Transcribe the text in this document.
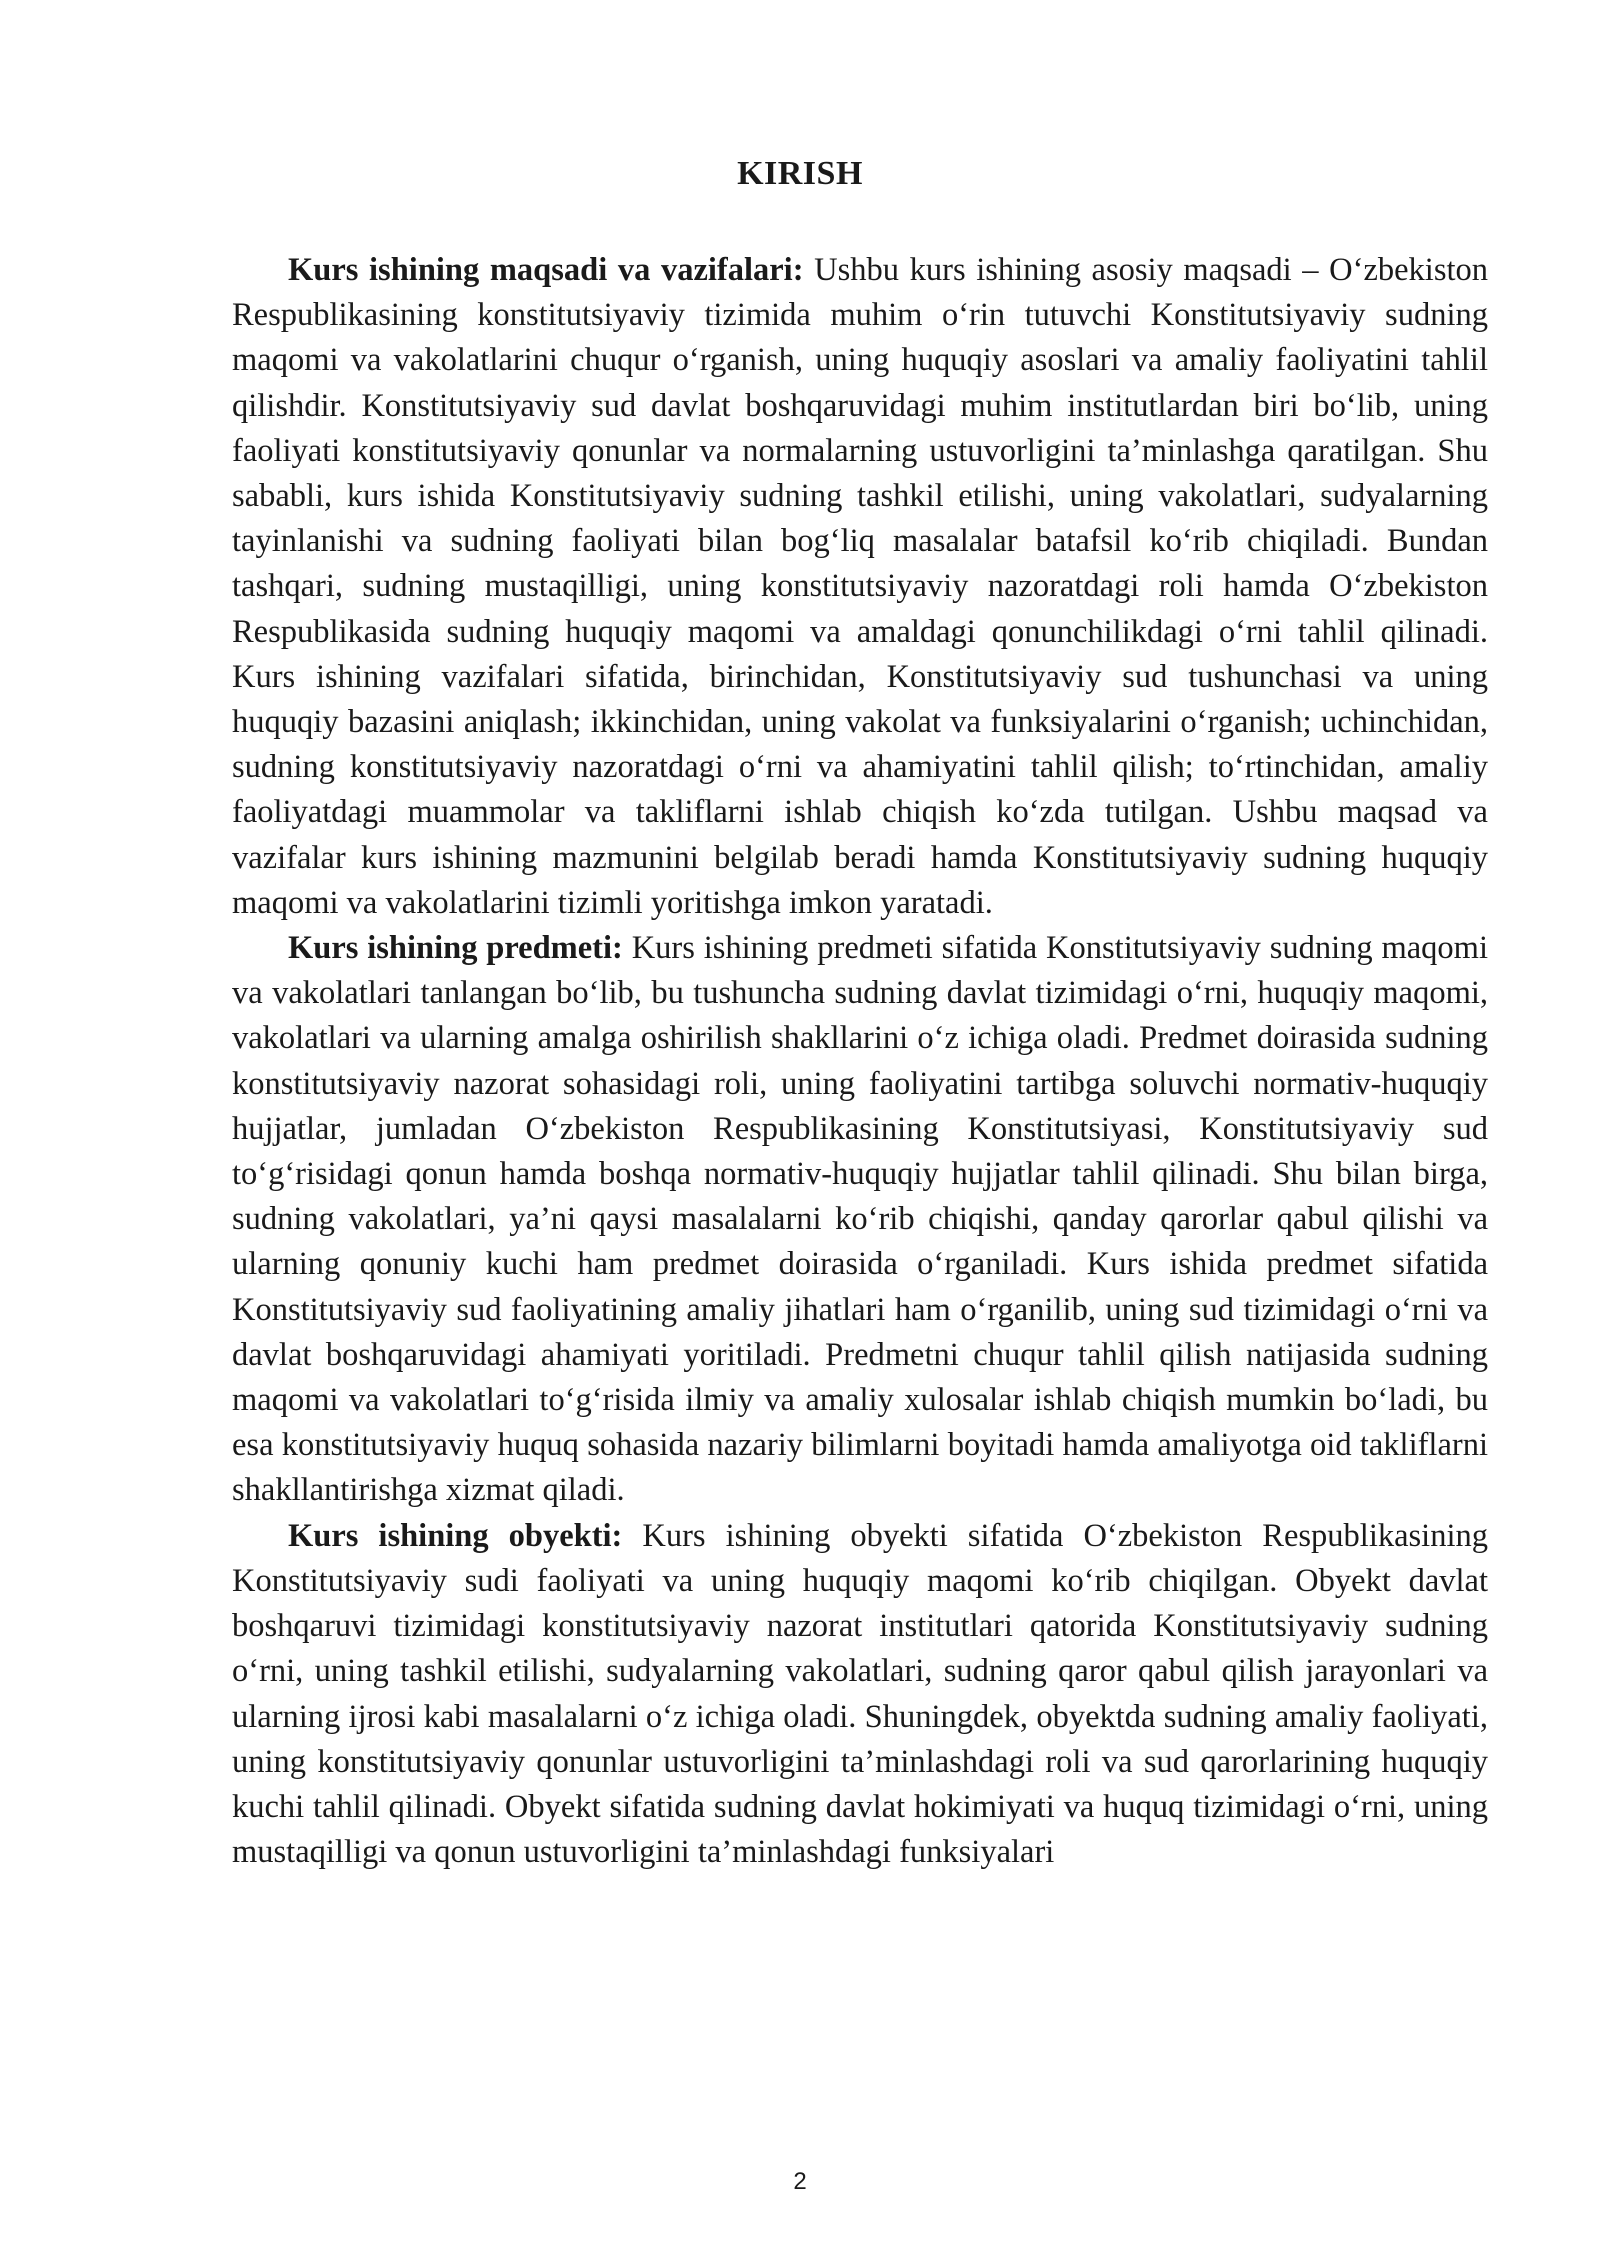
KIRISH

Kurs ishining maqsadi va vazifalari: Ushbu kurs ishining asosiy maqsadi – O‘zbekiston Respublikasining konstitutsiyaviy tizimida muhim o‘rin tutuvchi Konstitutsiyaviy sudning maqomi va vakolatlarini chuqur o‘rganish, uning huquqiy asoslari va amaliy faoliyatini tahlil qilishdir. Konstitutsiyaviy sud davlat boshqaruvidagi muhim institutlardan biri bo‘lib, uning faoliyati konstitutsiyaviy qonunlar va normalarning ustuvorligini ta’minlashga qaratilgan. Shu sababli, kurs ishida Konstitutsiyaviy sudning tashkil etilishi, uning vakolatlari, sudyalarning tayinlanishi va sudning faoliyati bilan bog‘liq masalalar batafsil ko‘rib chiqiladi. Bundan tashqari, sudning mustaqilligi, uning konstitutsiyaviy nazoratdagi roli hamda O‘zbekiston Respublikasida sudning huquqiy maqomi va amaldagi qonunchilikdagi o‘rni tahlil qilinadi. Kurs ishining vazifalari sifatida, birinchidan, Konstitutsiyaviy sud tushunchasi va uning huquqiy bazasini aniqlash; ikkinchidan, uning vakolat va funksiyalarini o‘rganish; uchinchidan, sudning konstitutsiyaviy nazoratdagi o‘rni va ahamiyatini tahlil qilish; to‘rtinchidan, amaliy faoliyatdagi muammolar va takliflarni ishlab chiqish ko‘zda tutilgan. Ushbu maqsad va vazifalar kurs ishining mazmunini belgilab beradi hamda Konstitutsiyaviy sudning huquqiy maqomi va vakolatlarini tizimli yoritishga imkon yaratadi.

Kurs ishining predmeti: Kurs ishining predmeti sifatida Konstitutsiyaviy sudning maqomi va vakolatlari tanlangan bo‘lib, bu tushuncha sudning davlat tizimidagi o‘rni, huquqiy maqomi, vakolatlari va ularning amalga oshirilish shakllarini o‘z ichiga oladi. Predmet doirasida sudning konstitutsiyaviy nazorat sohasidagi roli, uning faoliyatini tartibga soluvchi normativ-huquqiy hujjatlar, jumladan O‘zbekiston Respublikasining Konstitutsiyasi, Konstitutsiyaviy sud to‘g‘risidagi qonun hamda boshqa normativ-huquqiy hujjatlar tahlil qilinadi. Shu bilan birga, sudning vakolatlari, ya’ni qaysi masalalarni ko‘rib chiqishi, qanday qarorlar qabul qilishi va ularning qonuniy kuchi ham predmet doirasida o‘rganiladi. Kurs ishida predmet sifatida Konstitutsiyaviy sud faoliyatining amaliy jihatlari ham o‘rganilib, uning sud tizimidagi o‘rni va davlat boshqaruvidagi ahamiyati yoritiladi. Predmetni chuqur tahlil qilish natijasida sudning maqomi va vakolatlari to‘g‘risida ilmiy va amaliy xulosalar ishlab chiqish mumkin bo‘ladi, bu esa konstitutsiyaviy huquq sohasida nazariy bilimlarni boyitadi hamda amaliyotga oid takliflarni shakllantirishga xizmat qiladi.

Kurs ishining obyekti: Kurs ishining obyekti sifatida O‘zbekiston Respublikasining Konstitutsiyaviy sudi faoliyati va uning huquqiy maqomi ko‘rib chiqilgan. Obyekt davlat boshqaruvi tizimidagi konstitutsiyaviy nazorat institutlari qatorida Konstitutsiyaviy sudning o‘rni, uning tashkil etilishi, sudyalarning vakolatlari, sudning qaror qabul qilish jarayonlari va ularning ijrosi kabi masalalarni o‘z ichiga oladi. Shuningdek, obyektda sudning amaliy faoliyati, uning konstitutsiyaviy qonunlar ustuvorligini ta’minlashdagi roli va sud qarorlarining huquqiy kuchi tahlil qilinadi. Obyekt sifatida sudning davlat hokimiyati va huquq tizimidagi o‘rni, uning mustaqilligi va qonun ustuvorligini ta’minlashdagi funksiyalari

2
